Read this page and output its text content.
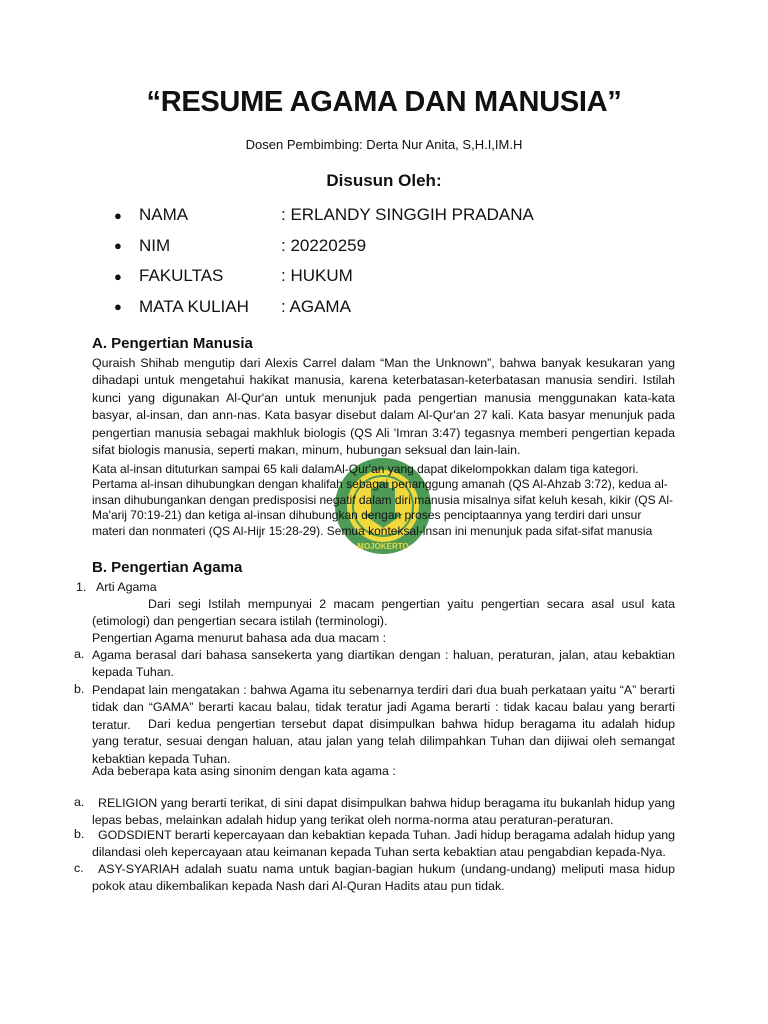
“RESUME AGAMA DAN MANUSIA”
Dosen Pembimbing: Derta Nur Anita, S,H.I,IM.H
Disusun Oleh:
●	NAMA	: ERLANDY SINGGIH PRADANA
●	NIM	: 20220259
●	FAKULTAS	: HUKUM
●	MATA KULIAH	: AGAMA
A. Pengertian Manusia
Quraish Shihab mengutip dari Alexis Carrel dalam “Man the Unknown”, bahwa banyak kesukaran yang dihadapi untuk mengetahui hakikat manusia, karena keterbatasan-keterbatasan manusia sendiri. Istilah kunci yang digunakan Al-Qur'an untuk menunjuk pada pengertian manusia menggunakan kata-kata basyar, al-insan, dan ann-nas. Kata basyar disebut dalam Al-Qur'an 27 kali. Kata basyar menunjuk pada pengertian manusia sebagai makhluk biologis (QS Ali 'Imran 3:47) tegasnya memberi pengertian kepada sifat biologis manusia, seperti makan, minum, hubungan seksual dan lain-lain.
MOJOKERTO
Kata al-insan dituturkan sampai 65 kali dalamAl-Qur'an yang dapat dikelompokkan dalam tiga kategori. Pertama al-insan dihubungkan dengan khalifah sebagai penanggung amanah (QS Al-Ahzab 3:72), kedua al-insan dihubungankan dengan predisposisi negatif dalam diri manusia misalnya sifat keluh kesah, kikir (QS Al-Ma'arij 70:19-21) dan ketiga al-insan dihubungkan dengan proses penciptaannya yang terdiri dari unsur materi dan nonmateri (QS Al-Hijr 15:28-29). Semua konteksal-insan ini menunjuk pada sifat-sifat manusia
B. Pengertian Agama
1. Arti Agama
Dari segi Istilah mempunyai 2 macam pengertian yaitu pengertian secara asal usul kata (etimologi) dan pengertian secara istilah (terminologi).
Pengertian Agama menurut bahasa ada dua macam :
a. Agama berasal dari bahasa sansekerta yang diartikan dengan : haluan, peraturan, jalan, atau kebaktian kepada Tuhan.
b. Pendapat lain mengatakan : bahwa Agama itu sebenarnya terdiri dari dua buah perkataan yaitu “A” berarti tidak dan “GAMA” berarti kacau balau, tidak teratur jadi Agama berarti : tidak kacau balau yang berarti teratur.	Dari kedua pengertian tersebut dapat disimpulkan bahwa hidup beragama itu adalah hidup yang teratur, sesuai dengan haluan, atau jalan yang telah dilimpahkan Tuhan dan dijiwai oleh semangat kebaktian kepada Tuhan.
Ada beberapa kata asing sinonim dengan kata agama :
a.	RELIGION yang berarti terikat, di sini dapat disimpulkan bahwa hidup beragama itu bukanlah hidup yang lepas bebas, melainkan adalah hidup yang terikat oleh norma-norma atau peraturan-peraturan.
b.	GODSDIENT berarti kepercayaan dan kebaktian kepada Tuhan. Jadi hidup beragama adalah hidup yang dilandasi oleh kepercayaan atau keimanan kepada Tuhan serta kebaktian atau pengabdian kepada-Nya.
c.	ASY-SYARIAH adalah suatu nama untuk bagian-bagian hukum (undang-undang) meliputi masa hidup pokok atau dikembalikan kepada Nash dari Al-Quran Hadits atau pun tidak.
